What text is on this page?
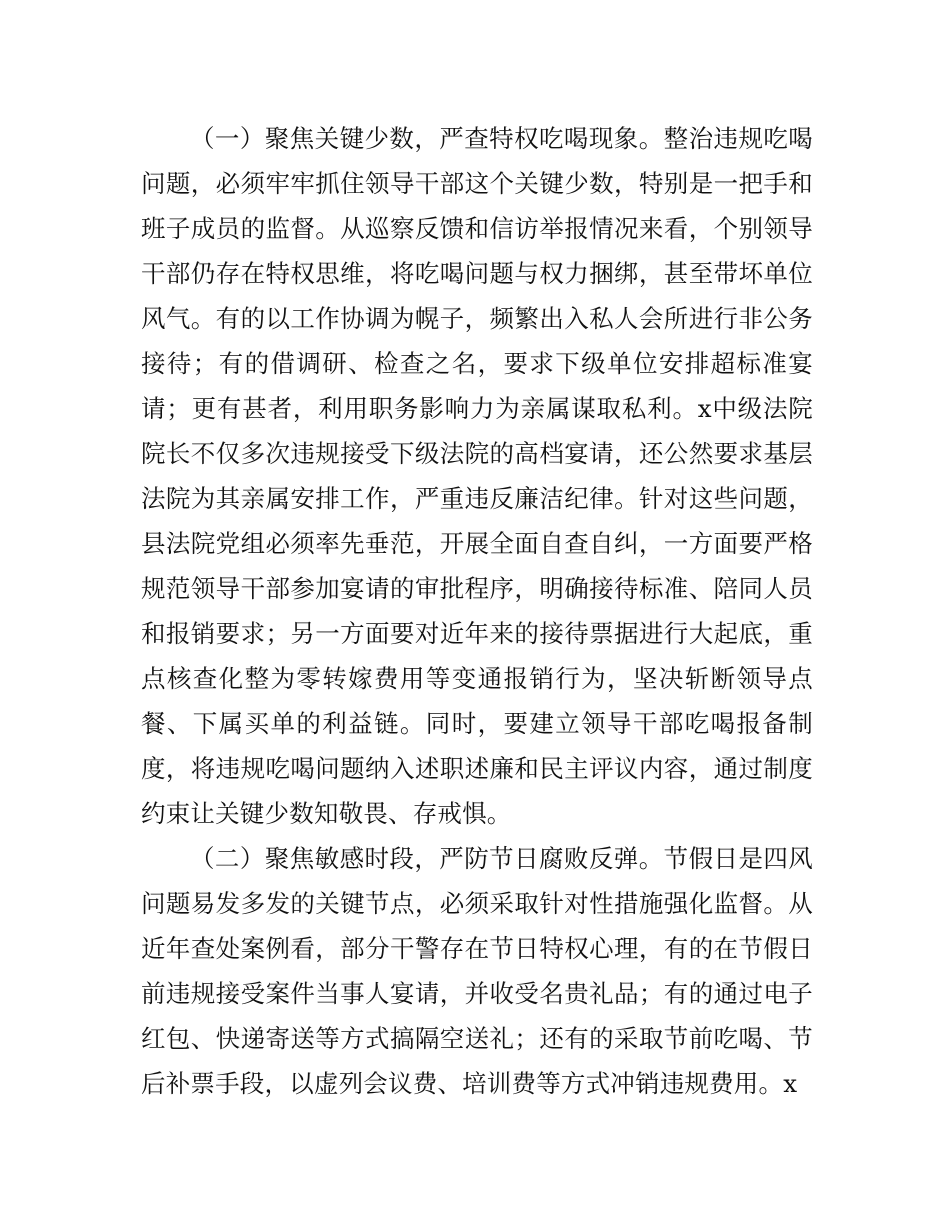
（一）聚焦关键少数，严查特权吃喝现象。整治违规吃喝问题，必须牢牢抓住领导干部这个关键少数，特别是一把手和班子成员的监督。从巡察反馈和信访举报情况来看，个别领导干部仍存在特权思维，将吃喝问题与权力捆绑，甚至带坏单位风气。有的以工作协调为幌子，频繁出入私人会所进行非公务接待；有的借调研、检查之名，要求下级单位安排超标准宴请；更有甚者，利用职务影响力为亲属谋取私利。x中级法院院长不仅多次违规接受下级法院的高档宴请，还公然要求基层法院为其亲属安排工作，严重违反廉洁纪律。针对这些问题，县法院党组必须率先垂范，开展全面自查自纠，一方面要严格规范领导干部参加宴请的审批程序，明确接待标准、陪同人员和报销要求；另一方面要对近年来的接待票据进行大起底，重点核查化整为零转嫁费用等变通报销行为，坚决斩断领导点餐、下属买单的利益链。同时，要建立领导干部吃喝报备制度，将违规吃喝问题纳入述职述廉和民主评议内容，通过制度约束让关键少数知敬畏、存戒惧。

（二）聚焦敏感时段，严防节日腐败反弹。节假日是四风问题易发多发的关键节点，必须采取针对性措施强化监督。从近年查处案例看，部分干警存在节日特权心理，有的在节假日前违规接受案件当事人宴请，并收受名贵礼品；有的通过电子红包、快递寄送等方式搞隔空送礼；还有的采取节前吃喝、节后补票手段，以虚列会议费、培训费等方式冲销违规费用。x
